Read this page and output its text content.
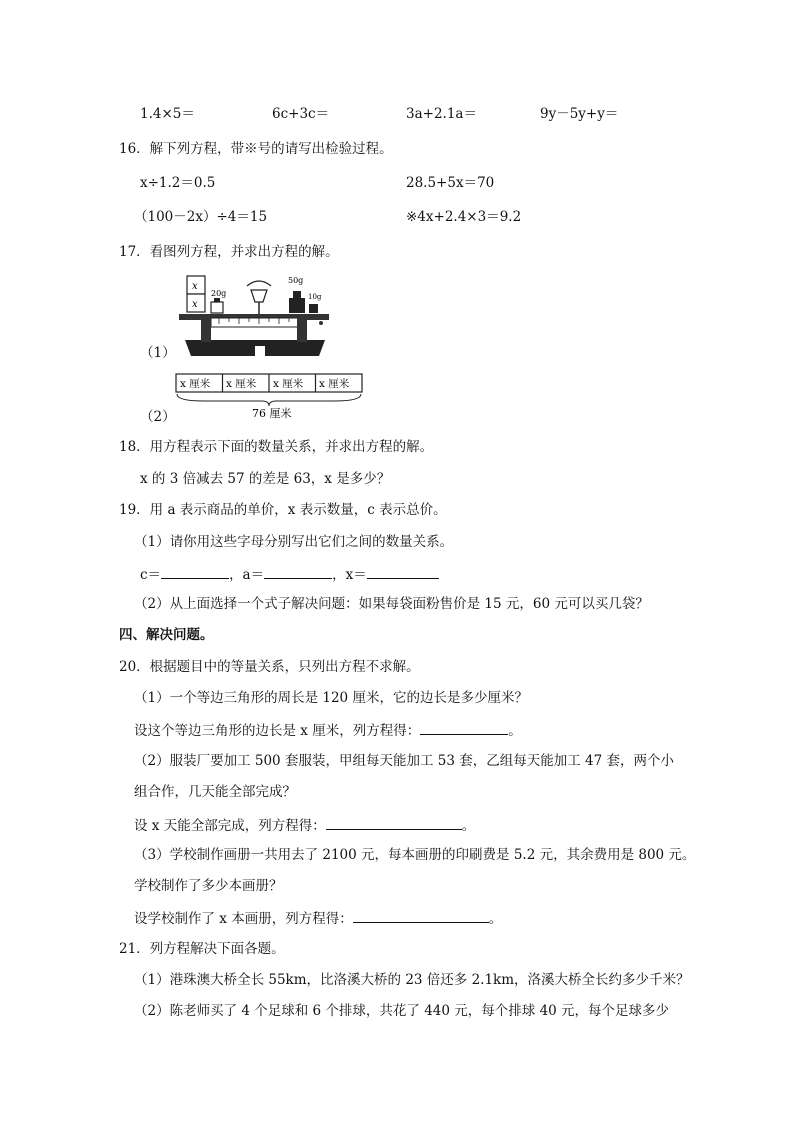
1.4×5＝	6c+3c＝	3a+2.1a＝	9y－5y+y＝
16．解下列方程，带※号的请写出检验过程。
x÷1.2＝0.5	28.5+5x＝70
（100－2x）÷4＝15	※4x+2.4×3＝9.2
17．看图列方程，并求出方程的解。
x
x
20g
50g
10g
（1）
x 厘米 x 厘米 x 厘米 x 厘米
76 厘米
（2）
18．用方程表示下面的数量关系，并求出方程的解。
x 的 3 倍减去 57 的差是 63，x 是多少？
19．用 a 表示商品的单价，x 表示数量，c 表示总价。
（1）请你用这些字母分别写出它们之间的数量关系。
c＝	，a＝	，x＝
（2）从上面选择一个式子解决问题：如果每袋面粉售价是 15 元，60 元可以买几袋？
四、解决问题。
20．根据题目中的等量关系，只列出方程不求解。
（1）一个等边三角形的周长是 120 厘米，它的边长是多少厘米？
设这个等边三角形的边长是 x 厘米，列方程得：	。
（2）服装厂要加工 500 套服装，甲组每天能加工 53 套，乙组每天能加工 47 套，两个小
组合作，几天能全部完成？
设 x 天能全部完成，列方程得：	。
（3）学校制作画册一共用去了 2100 元，每本画册的印刷费是 5.2 元，其余费用是 800 元。
学校制作了多少本画册？
设学校制作了 x 本画册，列方程得：	。
21．列方程解决下面各题。
（1）港珠澳大桥全长 55km，比洛溪大桥的 23 倍还多 2.1km，洛溪大桥全长约多少千米？
（2）陈老师买了 4 个足球和 6 个排球，共花了 440 元，每个排球 40 元，每个足球多少
